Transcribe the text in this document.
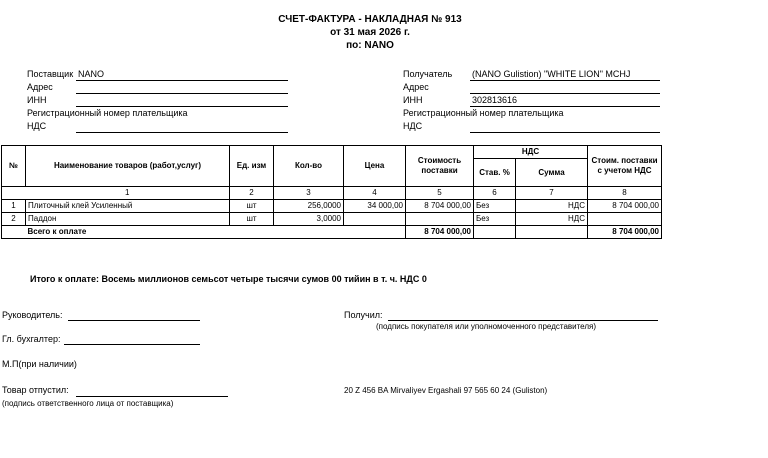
СЧЕТ-ФАКТУРА - НАКЛАДНАЯ № 913
от 31 мая 2026 г.
по: NANO
Поставщик NANO
Адрес
ИНН
Регистрационный номер плательщика
НДС
Получатель (NANO Gulistion) "WHITE LION" MCHJ
Адрес
ИНН	302813616
Регистрационный номер плательщика
НДС
№	Наименование товаров (работ,услуг)	Ед. изм	Кол-во	Цена	Стоимость поставки	НДС		Стоим. поставки с учетом НДС
						Став. %	Сумма	
	1	2	3	4	5	6	7	8
1	Плиточный клей Усиленный	шт	256,0000	34 000,00	8 704 000,00	Без	НДС	8 704 000,00
2	Паддон	шт	3,0000			Без	НДС	
	Всего к оплате				8 704 000,00			8 704 000,00
Итого к оплате: Восемь миллионов семьсот четыре тысячи сумов 00 тийин в т. ч. НДС 0
Руководитель:
Гл. бухгалтер:
М.П(при наличии)
Товар отпустил:
(подпись ответственного лица от поставщика)
Получил:
(подпись покупателя или уполномоченного представителя)
20 Z 456 BA Mirvaliyev Ergashali 97 565 60 24 (Guliston)
